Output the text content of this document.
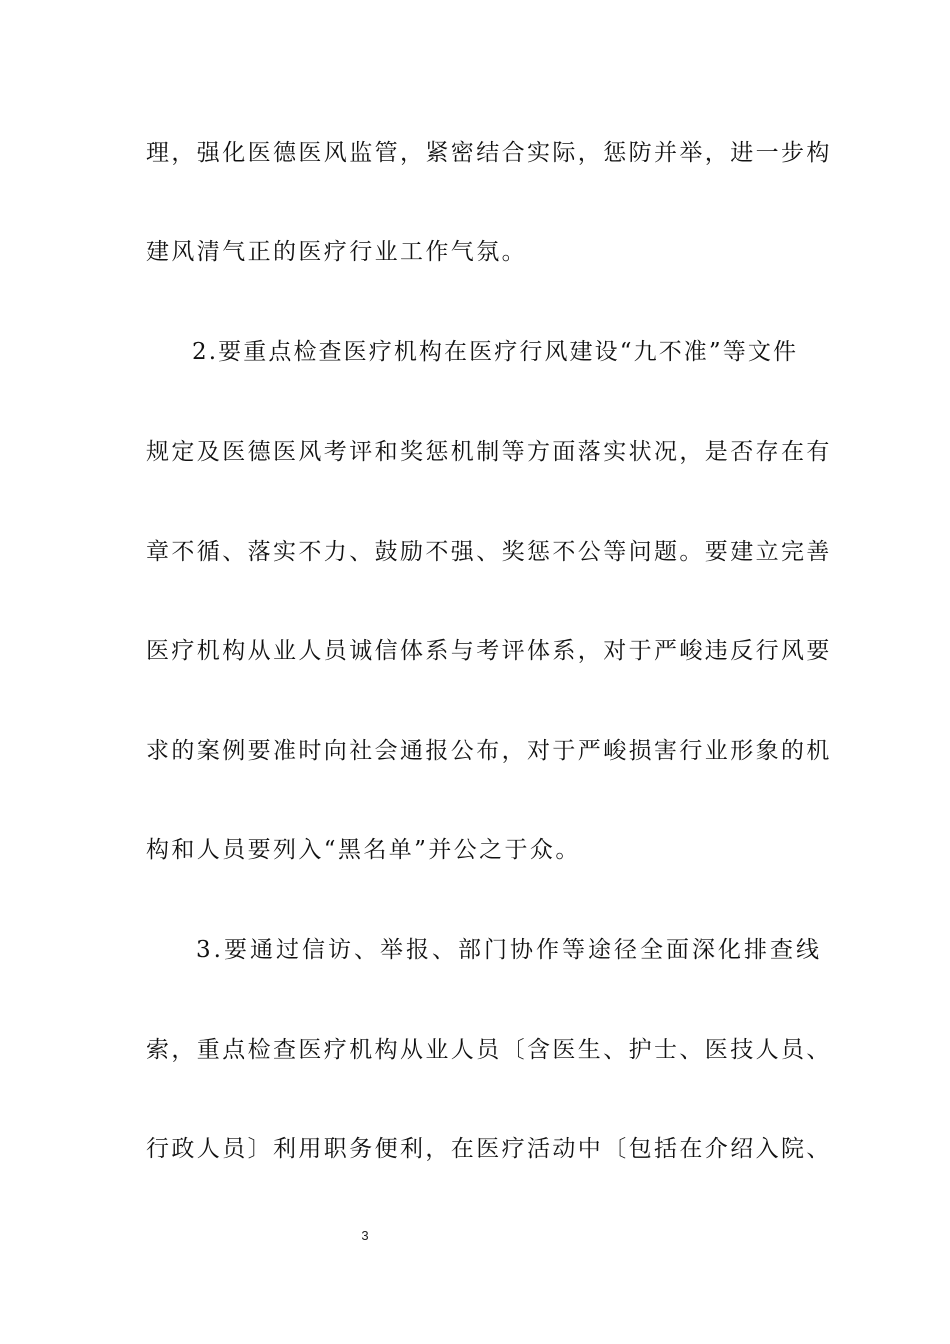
理，强化医德医风监管，紧密结合实际，惩防并举，进一步构
建风清气正的医疗行业工作气氛。
2.要重点检查医疗机构在医疗行风建设“九不准”等文件
规定及医德医风考评和奖惩机制等方面落实状况，是否存在有
章不循、落实不力、鼓励不强、奖惩不公等问题。要建立完善
医疗机构从业人员诚信体系与考评体系，对于严峻违反行风要
求的案例要准时向社会通报公布，对于严峻损害行业形象的机
构和人员要列入“黑名单”并公之于众。
3.要通过信访、举报、部门协作等途径全面深化排查线
索，重点检查医疗机构从业人员〔含医生、护士、医技人员、
行政人员〕利用职务便利，在医疗活动中〔包括在介绍入院、
3
